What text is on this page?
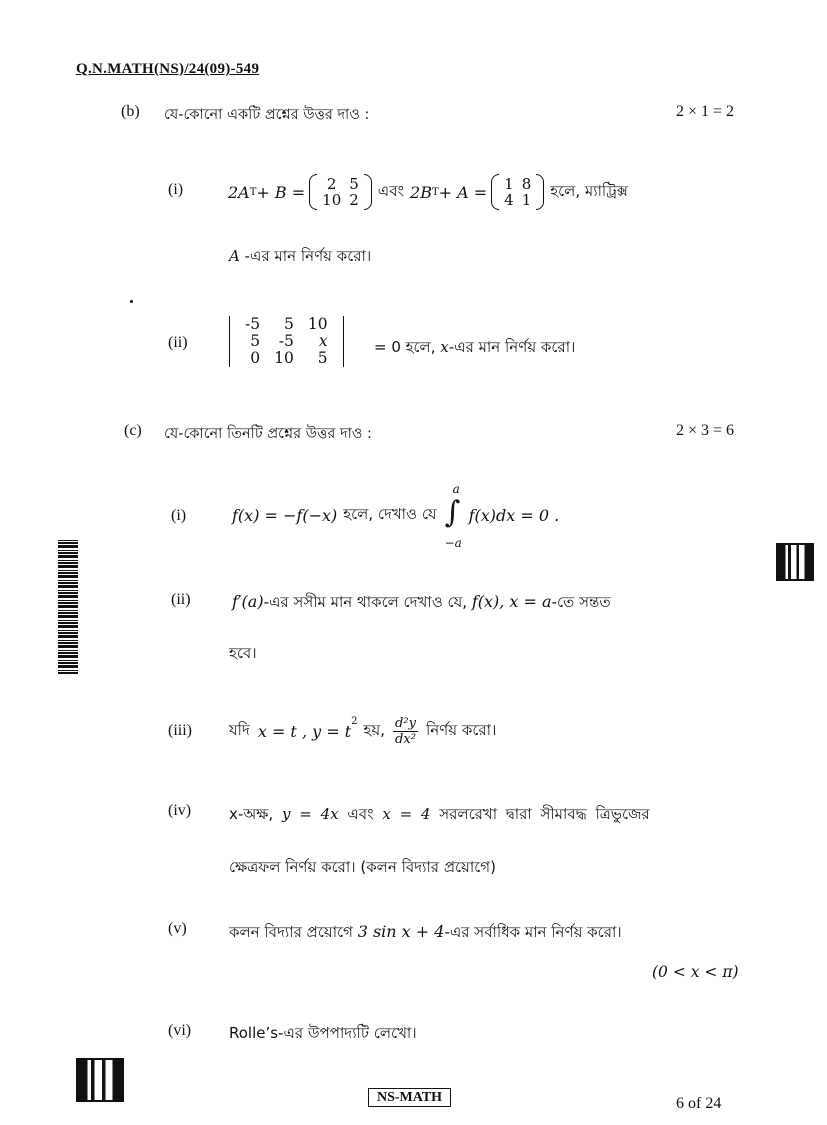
Q.N.MATH(NS)/24(09)-549
(b) যে-কোনো একটি প্রশ্নের উত্তর দাও :	2 × 1 = 2
(i)	2A T + B = 2	5
10	2
এবং 2B T + A = 1	8
4	1
হলে, ম্যাট্রিক্স
A -এর মান নির্ণয় করো।
(ii)
-5	5	10
5	-5	x
0	10	5
= 0 হলে, x-এর মান নির্ণয় করো।
(c) যে-কোনো তিনটি প্রশ্নের উত্তর দাও :	2 × 3 = 6
(i)	f(x) = −f(−x) হলে, দেখাও যে
a
∫
−a
f(x)dx = 0 .
(ii)	f′(a)-এর সসীম মান থাকলে দেখাও যে, f(x), x = a-তে সন্তত
হবে।
(iii) যদি x = t , $y = t^2$ হয়, $\frac{\text{d²y}}{\text{dx²}}$ নির্ণয় করো।
(iv)	x-অক্ষ, y = 4x এবং x = 4 সরলরেখা দ্বারা সীমাবদ্ধ ত্রিভুজের
ক্ষেত্রফল নির্ণয় করো। (কলন বিদ্যার প্রয়োগে)
(v)	কলন বিদ্যার প্রয়োগে 3 sin x + 4-এর সর্বাধিক মান নির্ণয় করো।
(0 < x < π)
(vi)	Rolle’s-এর উপপাদ্যটি লেখো।
NS-MATH	6 of 24
